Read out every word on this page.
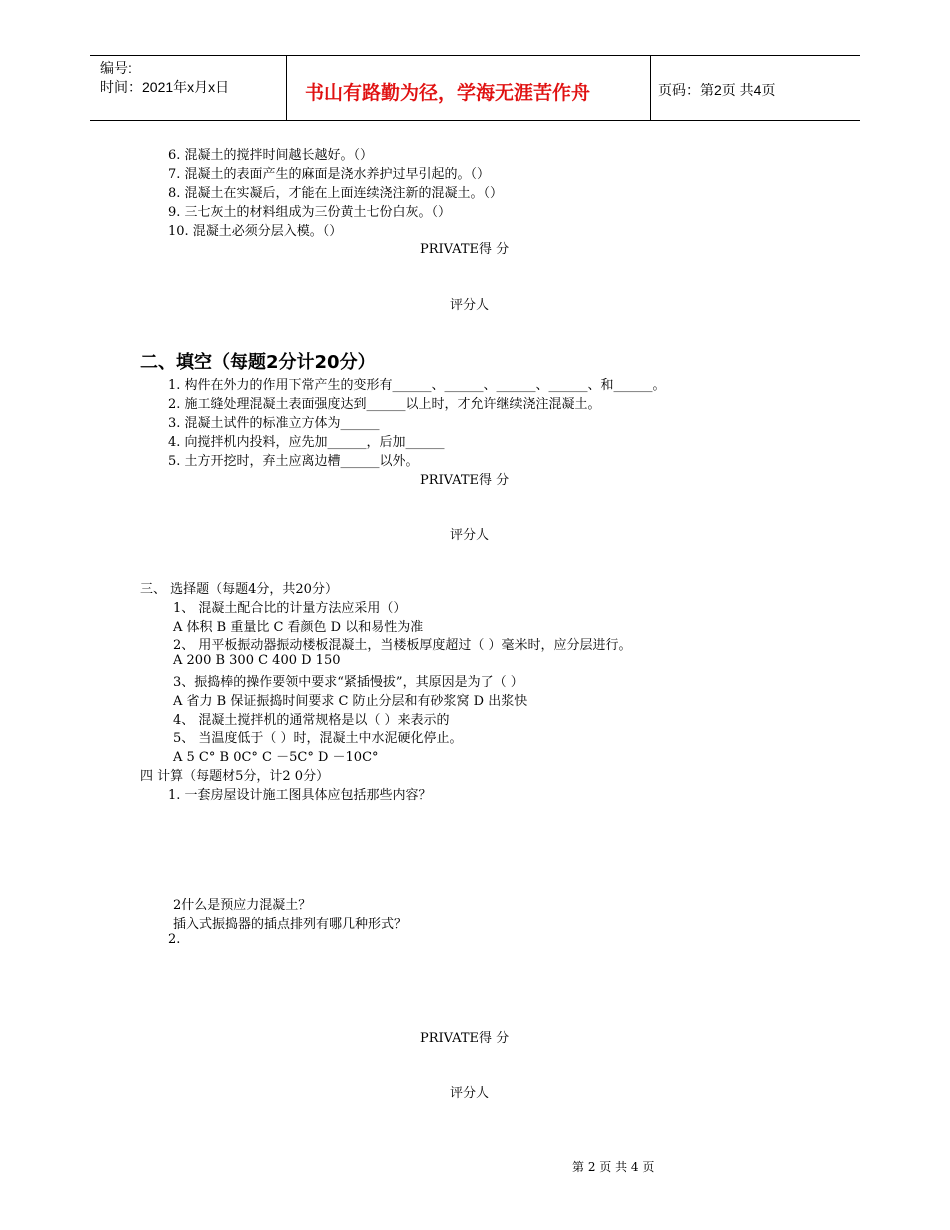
编号:
时间：2021年x月x日	书山有路勤为径，学海无涯苦作舟	页码：第2页 共4页
6. 混凝土的搅拌时间越长越好。（）
7. 混凝土的表面产生的麻面是浇水养护过早引起的。（）
8. 混凝土在实凝后，才能在上面连续浇注新的混凝土。（）
9. 三七灰土的材料组成为三份黄土七份白灰。（）
10. 混凝土必须分层入模。（）
PRIVATE得 分
评分人
二、填空（每题2分计20分）
1. 构件在外力的作用下常产生的变形有______、______、______、______、和______。
2. 施工缝处理混凝土表面强度达到______以上时，才允许继续浇注混凝土。
3. 混凝土试件的标准立方体为______
4. 向搅拌机内投料，应先加______，后加______
5. 土方开挖时，弃土应离边槽______以外。
PRIVATE得 分
评分人
三、 选择题（每题4分，共20分）
1、 混凝土配合比的计量方法应采用（）
A 体积 B 重量比 C 看颜色 D 以和易性为准
2、 用平板振动器振动楼板混凝土，当楼板厚度超过（ ）毫米时，应分层进行。
A 200 B 300 C 400 D 150
3、振捣棒的操作要领中要求“紧插慢拔”，其原因是为了（ ）
A 省力 B 保证振捣时间要求 C 防止分层和有砂浆窝 D 出浆快
4、 混凝土搅拌机的通常规格是以（ ）来表示的
5、 当温度低于（ ）时，混凝土中水泥硬化停止。
A 5 C° B 0C° C －5C° D －10C°
四 计算（每题材5分，计2 0分）
1. 一套房屋设计施工图具体应包括那些内容？
2什么是预应力混凝土？
插入式振捣器的插点排列有哪几种形式？
2.
PRIVATE得 分
评分人
第 2 页 共 4 页
